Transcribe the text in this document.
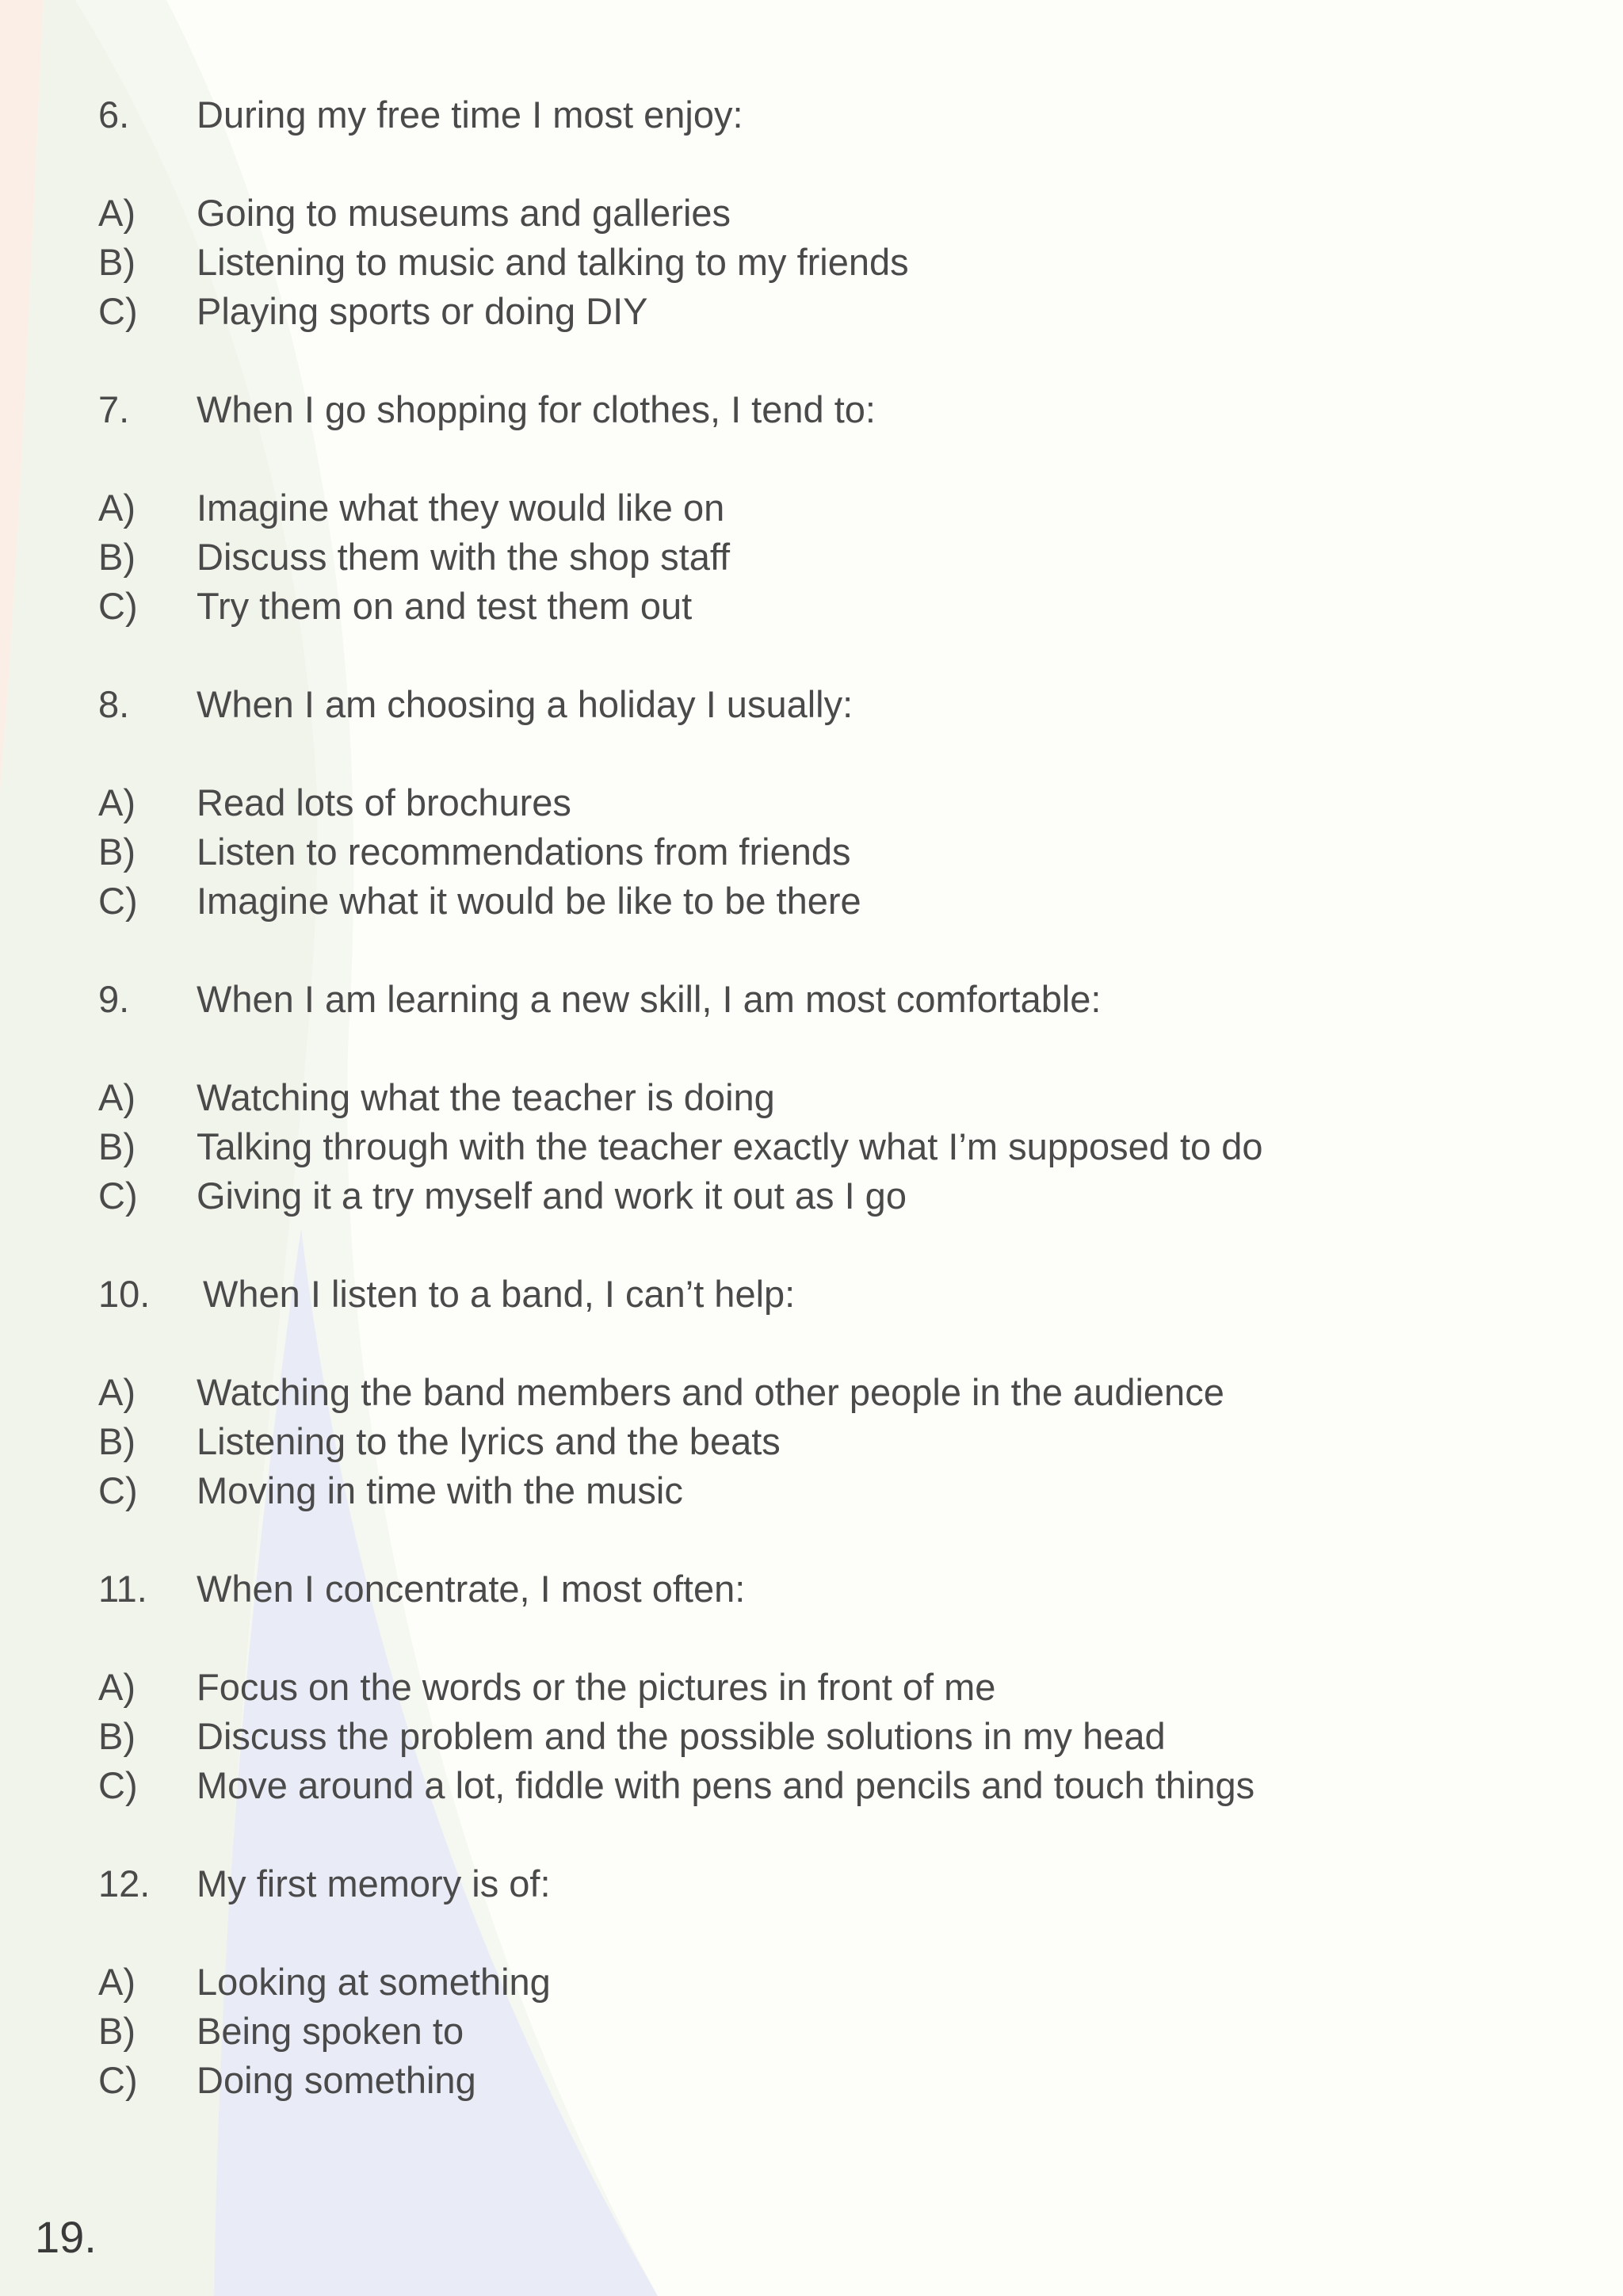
6. During my free time I most enjoy:
A) Going to museums and galleries
B) Listening to music and talking to my friends
C) Playing sports or doing DIY
7. When I go shopping for clothes, I tend to:
A) Imagine what they would like on
B) Discuss them with the shop staff
C) Try them on and test them out
8. When I am choosing a holiday I usually:
A) Read lots of brochures
B) Listen to recommendations from friends
C) Imagine what it would be like to be there
9. When I am learning a new skill, I am most comfortable:
A) Watching what the teacher is doing
B) Talking through with the teacher exactly what I’m supposed to do
C) Giving it a try myself and work it out as I go
10. When I listen to a band, I can’t help:
A) Watching the band members and other people in the audience
B) Listening to the lyrics and the beats
C) Moving in time with the music
11. When I concentrate, I most often:
A) Focus on the words or the pictures in front of me
B) Discuss the problem and the possible solutions in my head
C) Move around a lot, fiddle with pens and pencils and touch things
12. My first memory is of:
A) Looking at something
B) Being spoken to
C) Doing something
19.
